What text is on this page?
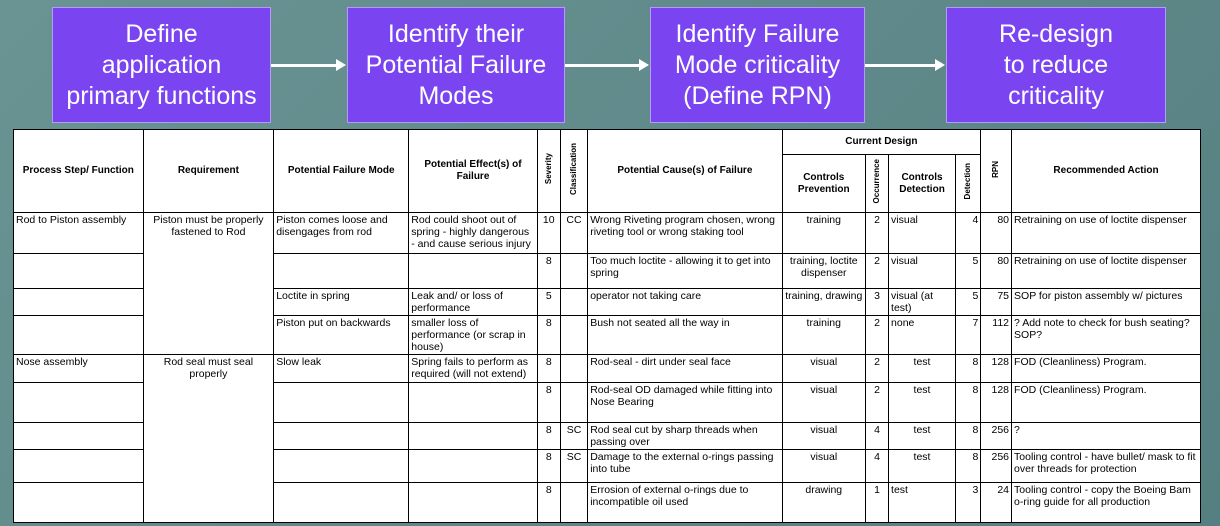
Define
application
primary functions
Identify their
Potential Failure
Modes
Identify Failure
Mode criticality
(Define RPN)
Re-design
to reduce
criticality
Process Step/ Function	Requirement	Potential Failure Mode	Potential Effect(s) of Failure	Severity	Classification	Potential Cause(s) of Failure	Current Design				RPN	Recommended Action
							Controls Prevention	Occurrence	Controls Detection	Detection		
Rod to Piston assembly	Piston must be properly fastened to Rod	Piston comes loose and disengages from rod	Rod could shoot out of spring - highly dangerous - and cause serious injury	10	CC	Wrong Riveting program chosen, wrong riveting tool or wrong staking tool	training	2	visual	4	80	Retraining on use of loctite dispenser
				8		Too much loctite - allowing it to get into spring	training, loctite dispenser	2	visual	5	80	Retraining on use of loctite dispenser
		Loctite in spring	Leak and/ or loss of performance	5		operator not taking care	training, drawing	3	visual (at test)	5	75	SOP for piston assembly w/ pictures
		Piston put on backwards	smaller loss of performance (or scrap in house)	8		Bush not seated all the way in	training	2	none	7	112	? Add note to check for bush seating? SOP?
Nose assembly	Rod seal must seal properly	Slow leak	Spring fails to perform as required (will not extend)	8		Rod-seal - dirt under seal face	visual	2	test	8	128	FOD (Cleanliness) Program.
				8		Rod-seal OD damaged while fitting into Nose Bearing	visual	2	test	8	128	FOD (Cleanliness) Program.
				8	SC	Rod seal cut by sharp threads when passing over	visual	4	test	8	256	?
				8	SC	Damage to the external o-rings passing into tube	visual	4	test	8	256	Tooling control - have bullet/ mask to fit over threads for protection
				8		Errosion of external o-rings due to incompatible oil used	drawing	1	test	3	24	Tooling control - copy the Boeing Bam o-ring guide for all production
